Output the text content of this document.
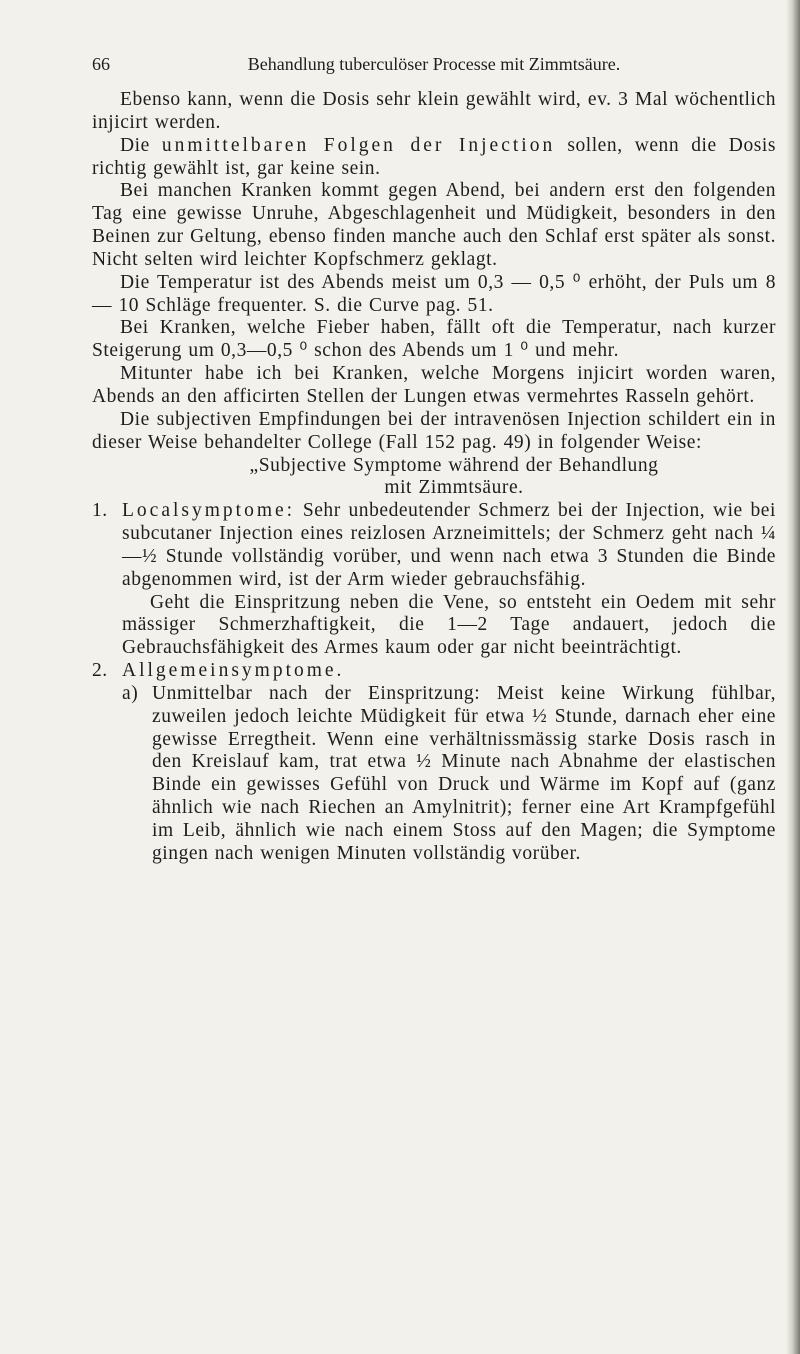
66	Behandlung tuberculöser Processe mit Zimmtsäure.

Ebenso kann, wenn die Dosis sehr klein gewählt wird, ev. 3 Mal wöchentlich injicirt werden.

Die unmittelbaren Folgen der Injection sollen, wenn die Dosis richtig gewählt ist, gar keine sein.

Bei manchen Kranken kommt gegen Abend, bei andern erst den folgenden Tag eine gewisse Unruhe, Abgeschlagenheit und Müdigkeit, besonders in den Beinen zur Geltung, ebenso finden manche auch den Schlaf erst später als sonst. Nicht selten wird leichter Kopfschmerz geklagt.

Die Temperatur ist des Abends meist um 0,3 — 0,5 ⁰ erhöht, der Puls um 8 — 10 Schläge frequenter. S. die Curve pag. 51.

Bei Kranken, welche Fieber haben, fällt oft die Temperatur, nach kurzer Steigerung um 0,3—0,5 ⁰ schon des Abends um 1 ⁰ und mehr.

Mitunter habe ich bei Kranken, welche Morgens injicirt worden waren, Abends an den afficirten Stellen der Lungen etwas vermehrtes Rasseln gehört.

Die subjectiven Empfindungen bei der intravenösen Injection schildert ein in dieser Weise behandelter College (Fall 152 pag. 49) in folgender Weise:

„Subjective Symptome während der Behandlung
mit Zimmtsäure.

1. Localsymptome: Sehr unbedeutender Schmerz bei der Injection, wie bei subcutaner Injection eines reizlosen Arzneimittels; der Schmerz geht nach ¼—½ Stunde vollständig vorüber, und wenn nach etwa 3 Stunden die Binde abgenommen wird, ist der Arm wieder gebrauchsfähig.

Geht die Einspritzung neben die Vene, so entsteht ein Oedem mit sehr mässiger Schmerzhaftigkeit, die 1—2 Tage andauert, jedoch die Gebrauchsfähigkeit des Armes kaum oder gar nicht beeinträchtigt.

2. Allgemeinsymptome.
a) Unmittelbar nach der Einspritzung: Meist keine Wirkung fühlbar, zuweilen jedoch leichte Müdigkeit für etwa ½ Stunde, darnach eher eine gewisse Erregtheit. Wenn eine verhältnissmässig starke Dosis rasch in den Kreislauf kam, trat etwa ½ Minute nach Abnahme der elastischen Binde ein gewisses Gefühl von Druck und Wärme im Kopf auf (ganz ähnlich wie nach Riechen an Amylnitrit); ferner eine Art Krampfgefühl im Leib, ähnlich wie nach einem Stoss auf den Magen; die Symptome gingen nach wenigen Minuten vollständig vorüber.
